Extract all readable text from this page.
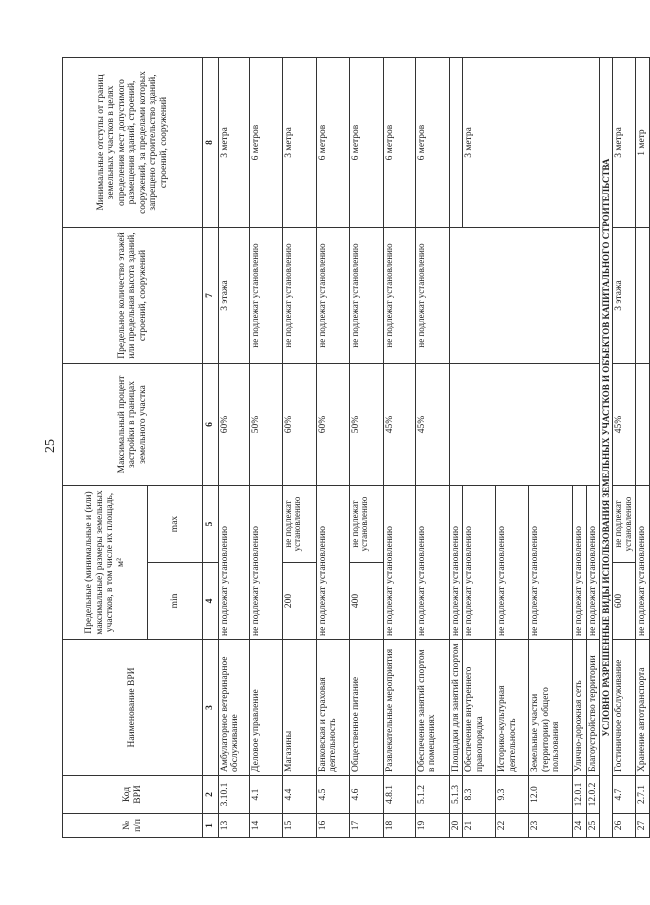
25
№ п/п	Код ВРИ	Наименование ВРИ	Предельные (минимальные и (или) максимальные) размеры земельных участков, в том числе их площадь, м²		Максимальный процент застройки в границах земельного участка	Предельное количество этажей или предельная высота зданий, строений, сооружений	Минимальные отступы от границ земельных участков в целях определения мест допустимого размещения зданий, строений, сооружений, за пределами которых запрещено строительство зданий, строений, сооружений
			min	max			
1	2	3	4	5	6	7	8
13	3.10.1	Амбулаторное ветеринарное обслуживание	не подлежат установлению		60%	3 этажа	3 метра
14	4.1	Деловое управление	не подлежат установлению		50%	не подлежат установлению	6 метров
15	4.4	Магазины	200	не подлежат установлению	60%	не подлежат установлению	3 метра
16	4.5	Банковская и страховая деятельность	не подлежат установлению		60%	не подлежат установлению	6 метров
17	4.6	Общественное питание	400	не подлежат установлению	50%	не подлежат установлению	6 метров
18	4.8.1	Развлекательные мероприятия	не подлежат установлению		45%	не подлежат установлению	6 метров
19	5.1.2	Обеспечение занятий спортом в помещениях	не подлежат установлению		45%	не подлежат установлению	6 метров
20	5.1.3	Площадки для занятий спортом	не подлежат установлению				
21	8.3	Обеспечение внутреннего правопорядка	не подлежат установлению				3 метра
22	9.3	Историко-культурная деятельность	не подлежат установлению				
23	12.0	Земельные участки (территории) общего пользования	не подлежат установлению				
24	12.0.1	Улично-дорожная сеть	не подлежат установлению				
25	12.0.2	Благоустройство территории	не подлежат установлению				
УСЛОВНО РАЗРЕШЕННЫЕ ВИДЫ ИСПОЛЬЗОВАНИЯ ЗЕМЕЛЬНЫХ УЧАСТКОВ И ОБЪЕКТОВ КАПИТАЛЬНОГО СТРОИТЕЛЬСТВА							
26	4.7	Гостиничное обслуживание	600	не подлежат установлению	45%	3 этажа	3 метра
27	2.7.1	Хранение автотранспорта	не подлежат установлению				1 метр
